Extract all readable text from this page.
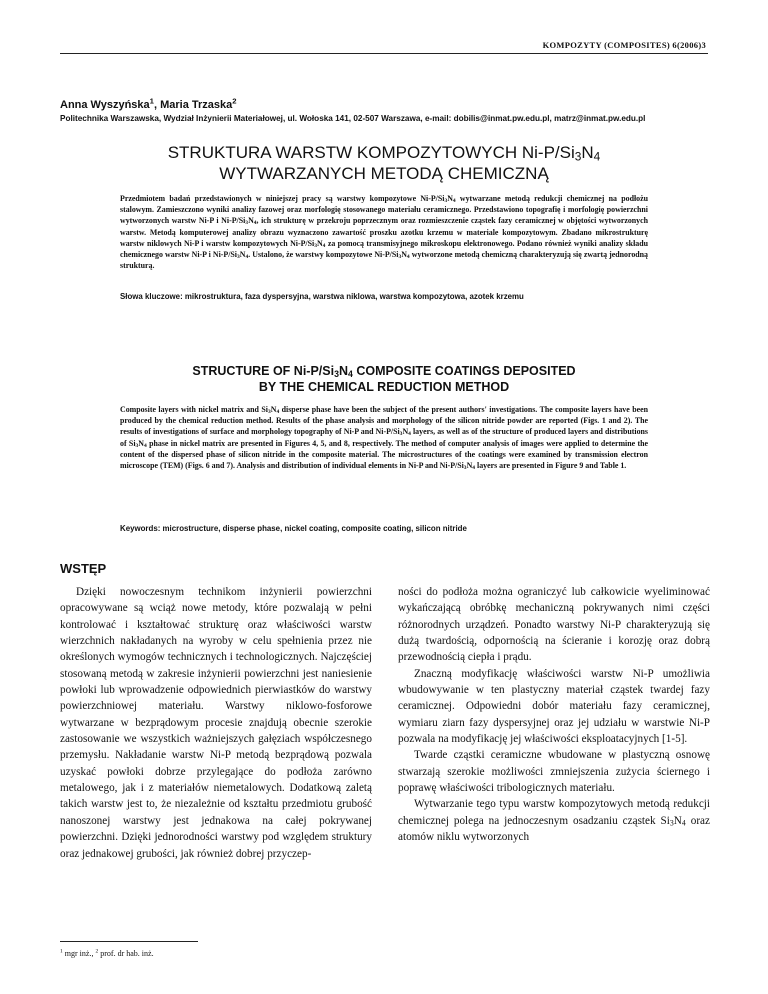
KOMPOZYTY (COMPOSITES) 6(2006)3
Anna Wyszyńska$^1$, Maria Trzaska$^2$
Politechnika Warszawska, Wydział Inżynierii Materiałowej, ul. Wołoska 141, 02-507 Warszawa, e-mail: dobilis@inmat.pw.edu.pl, matrz@inmat.pw.edu.pl
STRUKTURA WARSTW KOMPOZYTOWYCH $Ni-P/Si_3N_4$
WYTWARZANYCH METODĄ CHEMICZNĄ
Przedmiotem badań przedstawionych w niniejszej pracy są warstwy kompozytowe $Ni-P/Si_3N_4$ wytwarzane metodą redukcji chemicznej na podłożu stalowym. Zamieszczono wyniki analizy fazowej oraz morfologię stosowanego materiału ceramicznego. Przedstawiono topografię i morfologię powierzchni wytworzonych warstw Ni-P i $Ni-P/Si_3N_4$, ich strukturę w przekroju poprzecznym oraz rozmieszczenie cząstek fazy ceramicznej w objętości wytworzonych warstw. Metodą komputerowej analizy obrazu wyznaczono zawartość proszku azotku krzemu w materiale kompozytowym. Zbadano mikrostrukturę warstw niklowych Ni-P i warstw kompozytowych $Ni-P/Si_3N_4$ za pomocą transmisyjnego mikroskopu elektronowego. Podano również wyniki analizy składu chemicznego warstw Ni-P i $Ni-P/Si_3N_4$. Ustalono, że warstwy kompozytowe $Ni-P/Si_3N_4$ wytworzone metodą chemiczną charakteryzują się zwartą jednorodną strukturą.
Słowa kluczowe: mikrostruktura, faza dyspersyjna, warstwa niklowa, warstwa kompozytowa, azotek krzemu
STRUCTURE OF $Ni-P/Si_3N_4$ COMPOSITE COATINGS DEPOSITED
BY THE CHEMICAL REDUCTION METHOD
Composite layers with nickel matrix and $Si_3N_4$ disperse phase have been the subject of the present authors' investigations. The composite layers have been produced by the chemical reduction method. Results of the phase analysis and morphology of the silicon nitride powder are reported (Figs. 1 and 2). The results of investigations of surface and morphology topography of Ni-P and $Ni-P/Si_3N_4$ layers, as well as of the structure of produced layers and distributions of $Si_3N_4$ phase in nickel matrix are presented in Figures 4, 5, and 8, respectively. The method of computer analysis of images were applied to determine the content of the dispersed phase of silicon nitride in the composite material. The microstructures of the coatings were examined by transmission electron microscope (TEM) (Figs. 6 and 7). Analysis and distribution of individual elements in Ni-P and $Ni-P/Si_3N_4$ layers are presented in Figure 9 and Table 1.
Keywords: microstructure, disperse phase, nickel coating, composite coating, silicon nitride
WSTĘP

Dzięki nowoczesnym technikom inżynierii powierzchni opracowywane są wciąż nowe metody, które pozwalają w pełni kontrolować i kształtować strukturę oraz właściwości warstw wierzchnich nakładanych na wyroby w celu spełnienia przez nie określonych wymogów technicznych i technologicznych. Najczęściej stosowaną metodą w zakresie inżynierii powierzchni jest naniesienie powłoki lub wprowadzenie odpowiednich pierwiastków do warstwy powierzchniowej materiału. Warstwy niklowo-fosforowe wytwarzane w bezprądowym procesie znajdują obecnie szerokie zastosowanie we wszystkich ważniejszych gałęziach współczesnego przemysłu. Nakładanie warstw Ni-P metodą bezprądową pozwala uzyskać powłoki dobrze przylegające do podłoża zarówno metalowego, jak i z materiałów niemetalowych. Dodatkową zaletą takich warstw jest to, że niezależnie od kształtu przedmiotu grubość nanoszonej warstwy jest jednakowa na całej pokrywanej powierzchni. Dzięki jednorodności warstwy pod względem struktury oraz jednakowej grubości, jak również dobrej przyczep-

ności do podłoża można ograniczyć lub całkowicie wyeliminować wykańczającą obróbkę mechaniczną pokrywanych nimi części różnorodnych urządzeń. Ponadto warstwy Ni-P charakteryzują się dużą twardością, odpornością na ścieranie i korozję oraz dobrą przewodnością ciepła i prądu.

Znaczną modyfikację właściwości warstw Ni-P umożliwia wbudowywanie w ten plastyczny materiał cząstek twardej fazy ceramicznej. Odpowiedni dobór materiału fazy ceramicznej, wymiaru ziarn fazy dyspersyjnej oraz jej udziału w warstwie Ni-P pozwala na modyfikację jej właściwości eksploatacyjnych [1-5].

Twarde cząstki ceramiczne wbudowane w plastyczną osnowę stwarzają szerokie możliwości zmniejszenia zużycia ściernego i poprawę właściwości tribologicznych materiału.

Wytwarzanie tego typu warstw kompozytowych metodą redukcji chemicznej polega na jednoczesnym osadzaniu cząstek $Si_3N_4$ oraz atomów niklu wytworzonych

$^1$ mgr inż., $^2$ prof. dr hab. inż.
